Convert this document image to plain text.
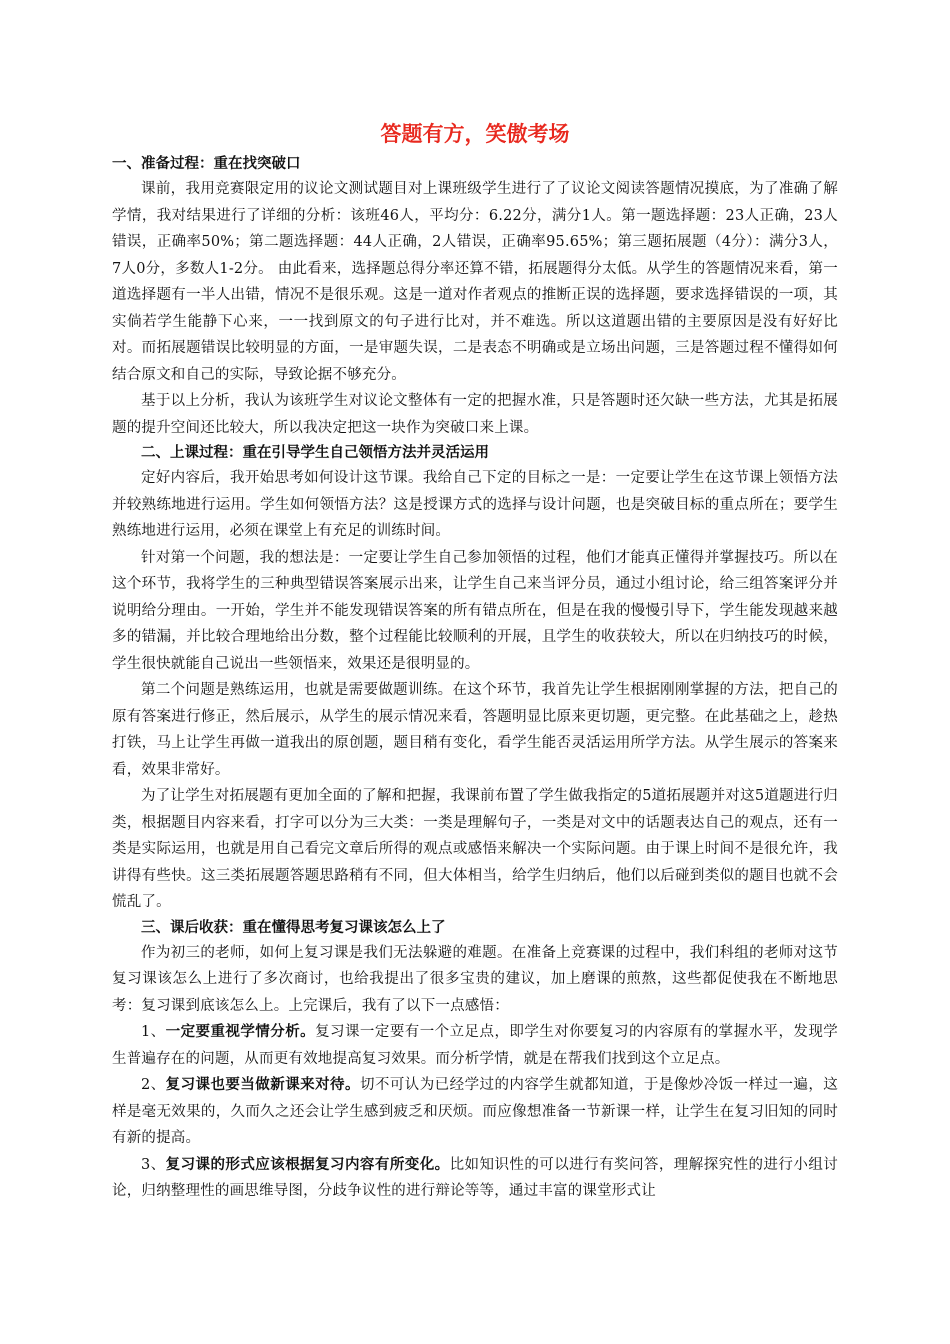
答题有方，笑傲考场

一、准备过程：重在找突破口

课前，我用竞赛限定用的议论文测试题目对上课班级学生进行了了议论文阅读答题情况摸底，为了准确了解学情，我对结果进行了详细的分析：该班46人，平均分：6.22分，满分1人。第一题选择题：23人正确，23人错误，正确率50%；第二题选择题：44人正确，2人错误，正确率95.65%；第三题拓展题（4分）：满分3人，7人0分，多数人1-2分。 由此看来，选择题总得分率还算不错，拓展题得分太低。从学生的答题情况来看，第一道选择题有一半人出错，情况不是很乐观。这是一道对作者观点的推断正误的选择题，要求选择错误的一项，其实倘若学生能静下心来，一一找到原文的句子进行比对，并不难选。所以这道题出错的主要原因是没有好好比对。而拓展题错误比较明显的方面，一是审题失误，二是表态不明确或是立场出问题，三是答题过程不懂得如何结合原文和自己的实际，导致论据不够充分。

基于以上分析，我认为该班学生对议论文整体有一定的把握水准，只是答题时还欠缺一些方法，尤其是拓展题的提升空间还比较大，所以我决定把这一块作为突破口来上课。

二、上课过程：重在引导学生自己领悟方法并灵活运用

定好内容后，我开始思考如何设计这节课。我给自己下定的目标之一是：一定要让学生在这节课上领悟方法并较熟练地进行运用。学生如何领悟方法？这是授课方式的选择与设计问题，也是突破目标的重点所在；要学生熟练地进行运用，必须在课堂上有充足的训练时间。

针对第一个问题，我的想法是：一定要让学生自己参加领悟的过程，他们才能真正懂得并掌握技巧。所以在这个环节，我将学生的三种典型错误答案展示出来，让学生自己来当评分员，通过小组讨论，给三组答案评分并说明给分理由。一开始，学生并不能发现错误答案的所有错点所在，但是在我的慢慢引导下，学生能发现越来越多的错漏，并比较合理地给出分数，整个过程能比较顺利的开展，且学生的收获较大，所以在归纳技巧的时候，学生很快就能自己说出一些领悟来，效果还是很明显的。

第二个问题是熟练运用，也就是需要做题训练。在这个环节，我首先让学生根据刚刚掌握的方法，把自己的原有答案进行修正，然后展示，从学生的展示情况来看，答题明显比原来更切题，更完整。在此基础之上，趁热打铁，马上让学生再做一道我出的原创题，题目稍有变化，看学生能否灵活运用所学方法。从学生展示的答案来看，效果非常好。

为了让学生对拓展题有更加全面的了解和把握，我课前布置了学生做我指定的5道拓展题并对这5道题进行归类，根据题目内容来看，打字可以分为三大类：一类是理解句子，一类是对文中的话题表达自己的观点，还有一类是实际运用，也就是用自己看完文章后所得的观点或感悟来解决一个实际问题。由于课上时间不是很允许，我讲得有些快。这三类拓展题答题思路稍有不同，但大体相当，给学生归纳后，他们以后碰到类似的题目也就不会慌乱了。

三、课后收获：重在懂得思考复习课该怎么上了

作为初三的老师，如何上复习课是我们无法躲避的难题。在准备上竞赛课的过程中，我们科组的老师对这节复习课该怎么上进行了多次商讨，也给我提出了很多宝贵的建议，加上磨课的煎熬，这些都促使我在不断地思考：复习课到底该怎么上。上完课后，我有了以下一点感悟：

1、一定要重视学情分析。复习课一定要有一个立足点，即学生对你要复习的内容原有的掌握水平，发现学生普遍存在的问题，从而更有效地提高复习效果。而分析学情，就是在帮我们找到这个立足点。

2、复习课也要当做新课来对待。切不可认为已经学过的内容学生就都知道，于是像炒冷饭一样过一遍，这样是毫无效果的，久而久之还会让学生感到疲乏和厌烦。而应像想准备一节新课一样，让学生在复习旧知的同时有新的提高。

3、复习课的形式应该根据复习内容有所变化。比如知识性的可以进行有奖问答，理解探究性的进行小组讨论，归纳整理性的画思维导图，分歧争议性的进行辩论等等，通过丰富的课堂形式让
